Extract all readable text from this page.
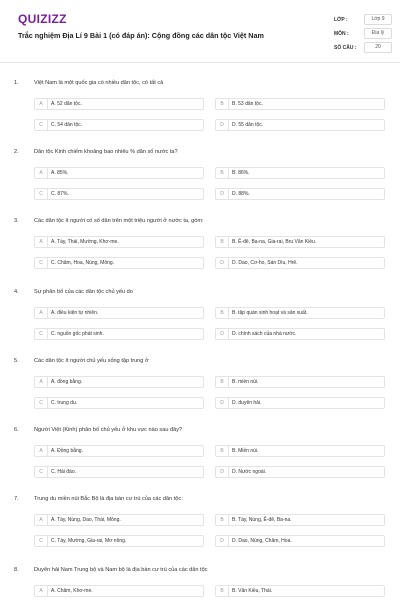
QUIZIZZ
Trắc nghiệm Địa Lí 9 Bài 1 (có đáp án): Cộng đồng các dân tộc Việt Nam
LỚP :	Lớp 9
MÔN :	Địa lý
SỐ CÂU :	20
1.	Việt Nam là một quốc gia có nhiều dân tộc, có tất cả
A	A. 52 dân tộc.	B	B. 53 dân tộc.
C	C. 54 dân tộc.	D	D. 55 dân tộc.
2.	Dân tộc Kinh chiếm khoảng bao nhiêu % dân số nước ta?
A	A. 85%.	B	B. 86%.
C	C. 87%.	D	D. 88%.
3.	Các dân tộc ít người có số dân trên một triệu người ở nước ta, gồm:
A	A. Tày, Thái, Mường, Khơ-me.	B	B. Ê-đê, Ba-na, Gia-rai, Bru Vân Kiều.
C	C. Chăm, Hoa, Nùng, Mông.	D	D. Dao, Cơ-ho, Sán Dìu, Hrê.
4.	Sự phân bố của các dân tộc chủ yếu do
A	A. điều kiện tự nhiên.	B	B. tập quán sinh hoạt và sản xuất.
C	C. nguồn gốc phát sinh.	D	D. chính sách của nhà nước.
5.	Các dân tộc ít người chủ yếu sống tập trung ở
A	A. đồng bằng.	B	B. miền núi.
C	C. trung du.	D	D. duyên hải.
6.	Người Việt (Kinh) phân bố chủ yếu ở khu vực nào sau đây?
A	A. Đồng bằng.	B	B. Miền núi.
C	C. Hải đảo.	D	D. Nước ngoài.
7.	Trung du miền núi Bắc Bộ là địa bàn cư trú của các dân tộc:
A	A. Tày, Nùng, Dao, Thái, Mông.	B	B. Tày, Nùng, Ê-đê, Ba-na.
C	C. Tày, Mường, Gia-rai, Mơ nông.	D	D. Dao, Nùng, Chăm, Hoa.
8.	Duyên hải Nam Trung bộ và Nam bộ là địa bàn cư trú của các dân tộc
A	A. Chăm, Khơ-me.	B	B. Vân Kiều, Thái.
